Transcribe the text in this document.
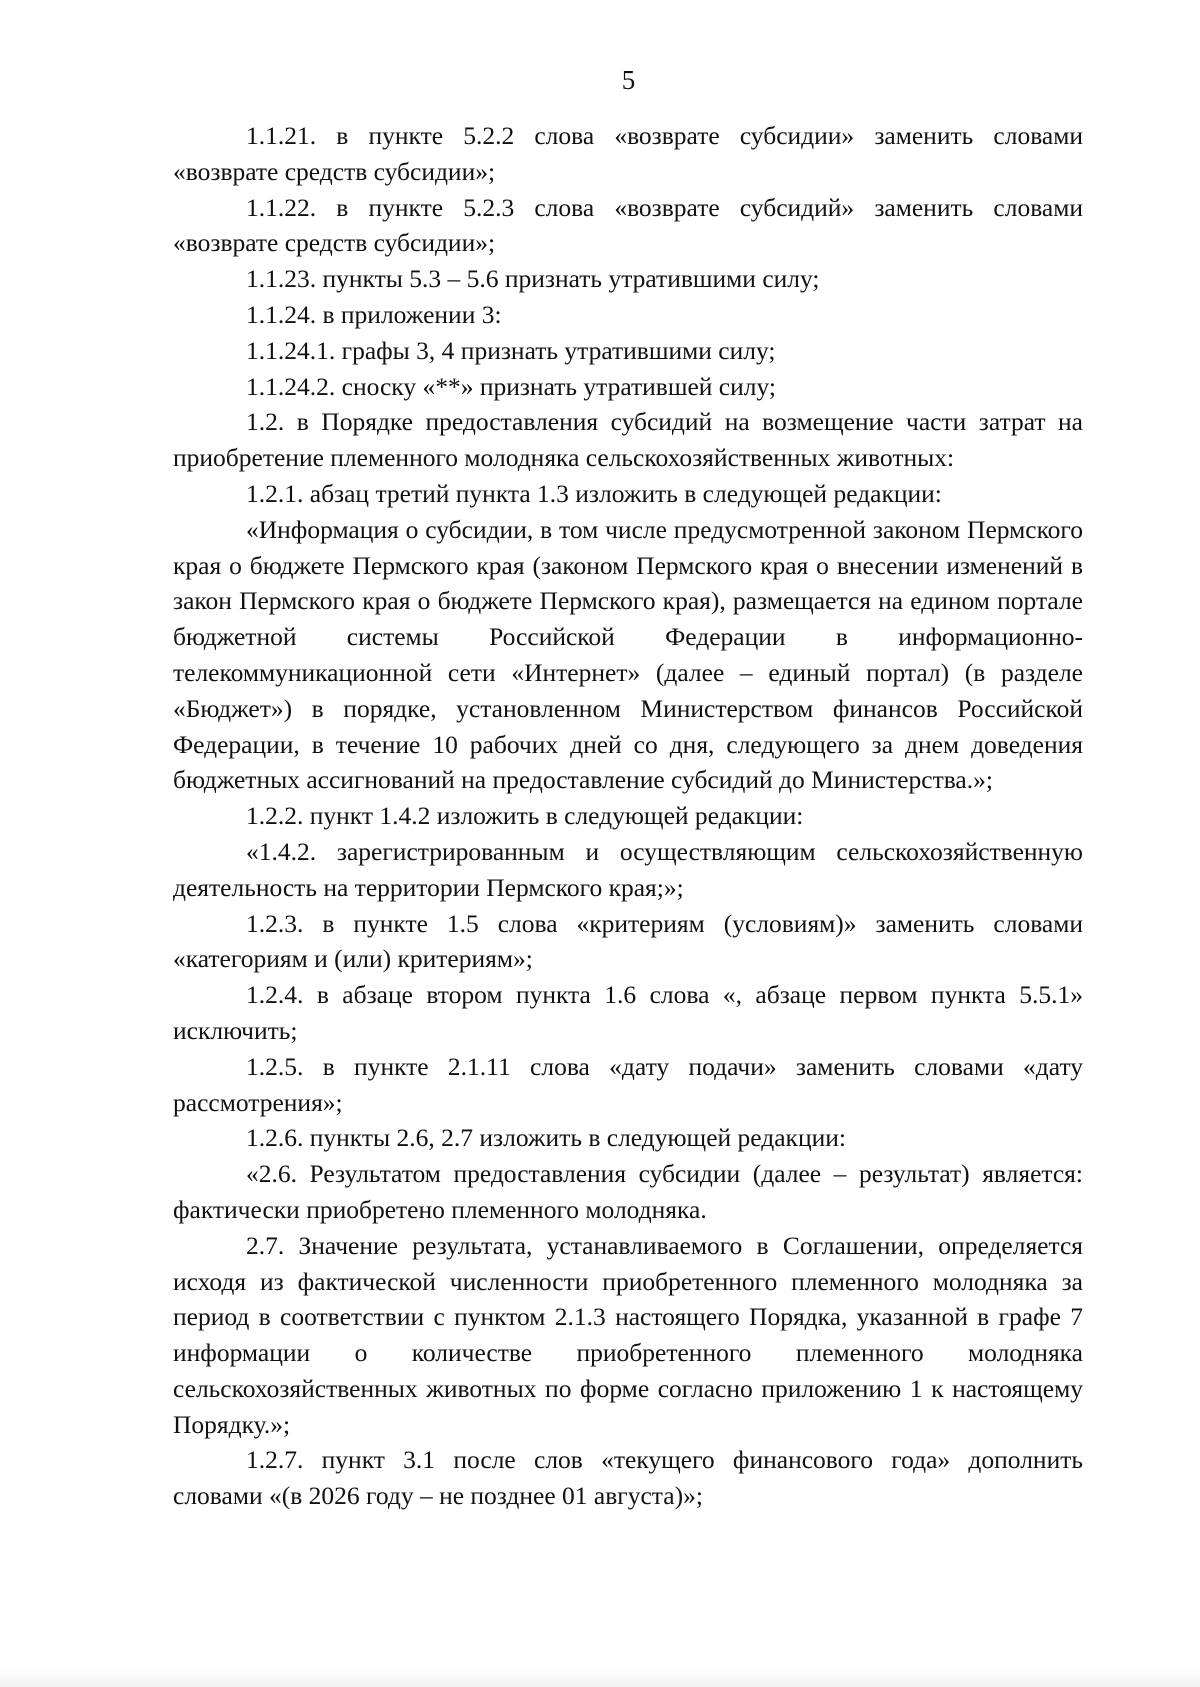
5

1.1.21. в пункте 5.2.2 слова «возврате субсидии» заменить словами «возврате средств субсидии»;

1.1.22. в пункте 5.2.3 слова «возврате субсидий» заменить словами «возврате средств субсидии»;

1.1.23. пункты 5.3 – 5.6 признать утратившими силу;

1.1.24. в приложении 3:

1.1.24.1. графы 3, 4 признать утратившими силу;

1.1.24.2. сноску «**» признать утратившей силу;

1.2. в Порядке предоставления субсидий на возмещение части затрат на приобретение племенного молодняка сельскохозяйственных животных:

1.2.1. абзац третий пункта 1.3 изложить в следующей редакции:

«Информация о субсидии, в том числе предусмотренной законом Пермского края о бюджете Пермского края (законом Пермского края о внесении изменений в закон Пермского края о бюджете Пермского края), размещается на едином портале бюджетной системы Российской Федерации в информационно-телекоммуникационной сети «Интернет» (далее – единый портал) (в разделе «Бюджет») в порядке, установленном Министерством финансов Российской Федерации, в течение 10 рабочих дней со дня, следующего за днем доведения бюджетных ассигнований на предоставление субсидий до Министерства.»;

1.2.2. пункт 1.4.2 изложить в следующей редакции:

«1.4.2. зарегистрированным и осуществляющим сельскохозяйственную деятельность на территории Пермского края;»;

1.2.3. в пункте 1.5 слова «критериям (условиям)» заменить словами «категориям и (или) критериям»;

1.2.4. в абзаце втором пункта 1.6 слова «, абзаце первом пункта 5.5.1» исключить;

1.2.5. в пункте 2.1.11 слова «дату подачи» заменить словами «дату рассмотрения»;

1.2.6. пункты 2.6, 2.7 изложить в следующей редакции:

«2.6. Результатом предоставления субсидии (далее – результат) является: фактически приобретено племенного молодняка.

2.7. Значение результата, устанавливаемого в Соглашении, определяется исходя из фактической численности приобретенного племенного молодняка за период в соответствии с пунктом 2.1.3 настоящего Порядка, указанной в графе 7 информации о количестве приобретенного племенного молодняка сельскохозяйственных животных по форме согласно приложению 1 к настоящему Порядку.»;

1.2.7. пункт 3.1 после слов «текущего финансового года» дополнить словами «(в 2026 году – не позднее 01 августа)»;
